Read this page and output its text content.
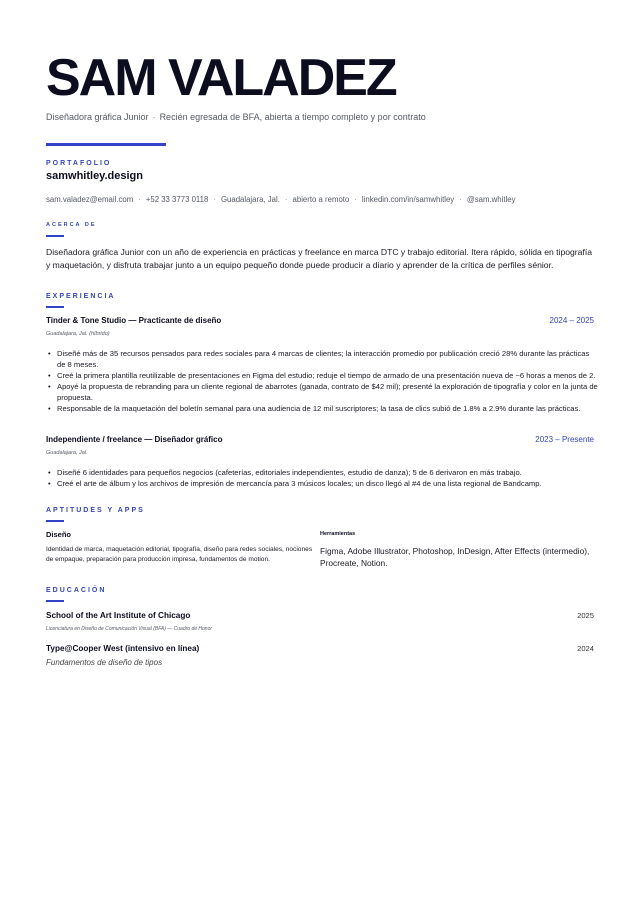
SAM VALADEZ
Diseñadora gráfica Junior · Recién egresada de BFA, abierta a tiempo completo y por contrato
PORTAFOLIO
samwhitley.design
sam.valadez@email.com · +52 33 3773 0118 · Guadalajara, Jal. · abierto a remoto · linkedin.com/in/samwhitley · @sam.whitley
ACERCA DE
Diseñadora gráfica Junior con un año de experiencia en prácticas y freelance en marca DTC y trabajo editorial. Itera rápido, sólida en tipografía y maquetación, y disfruta trabajar junto a un equipo pequeño donde puede producir a diario y aprender de la crítica de perfiles sénior.
EXPERIENCIA
Tinder & Tone Studio — Practicante de diseño	2024 – 2025
Guadalajara, Jal. (híbrido)
• Diseñé más de 35 recursos pensados para redes sociales para 4 marcas de clientes; la interacción promedio por publicación creció 28% durante las prácticas de 8 meses.
• Creé la primera plantilla reutilizable de presentaciones en Figma del estudio; reduje el tiempo de armado de una presentación nueva de ~6 horas a menos de 2.
• Apoyé la propuesta de rebranding para un cliente regional de abarrotes (ganada, contrato de $42 mil); presenté la exploración de tipografía y color en la junta de propuesta.
• Responsable de la maquetación del boletín semanal para una audiencia de 12 mil suscriptores; la tasa de clics subió de 1.8% a 2.9% durante las prácticas.
Independiente / freelance — Diseñador gráfico	2023 – Presente
Guadalajara, Jal.
• Diseñé 6 identidades para pequeños negocios (cafeterías, editoriales independientes, estudio de danza); 5 de 6 derivaron en más trabajo.
• Creé el arte de álbum y los archivos de impresión de mercancía para 3 músicos locales; un disco llegó al #4 de una lista regional de Bandcamp.
APTITUDES Y APPS
Diseño
Identidad de marca, maquetación editorial, tipografía, diseño para redes sociales, nociones de empaque, preparación para producción impresa, fundamentos de motion.
Herramientas
Figma, Adobe Illustrator, Photoshop, InDesign, After Effects (intermedio), Procreate, Notion.
EDUCACIÓN
School of the Art Institute of Chicago	2025
Licenciatura en Diseño de Comunicación Visual (BFA) — Cuadro de Honor
Type@Cooper West (intensivo en línea)	2024
Fundamentos de diseño de tipos
